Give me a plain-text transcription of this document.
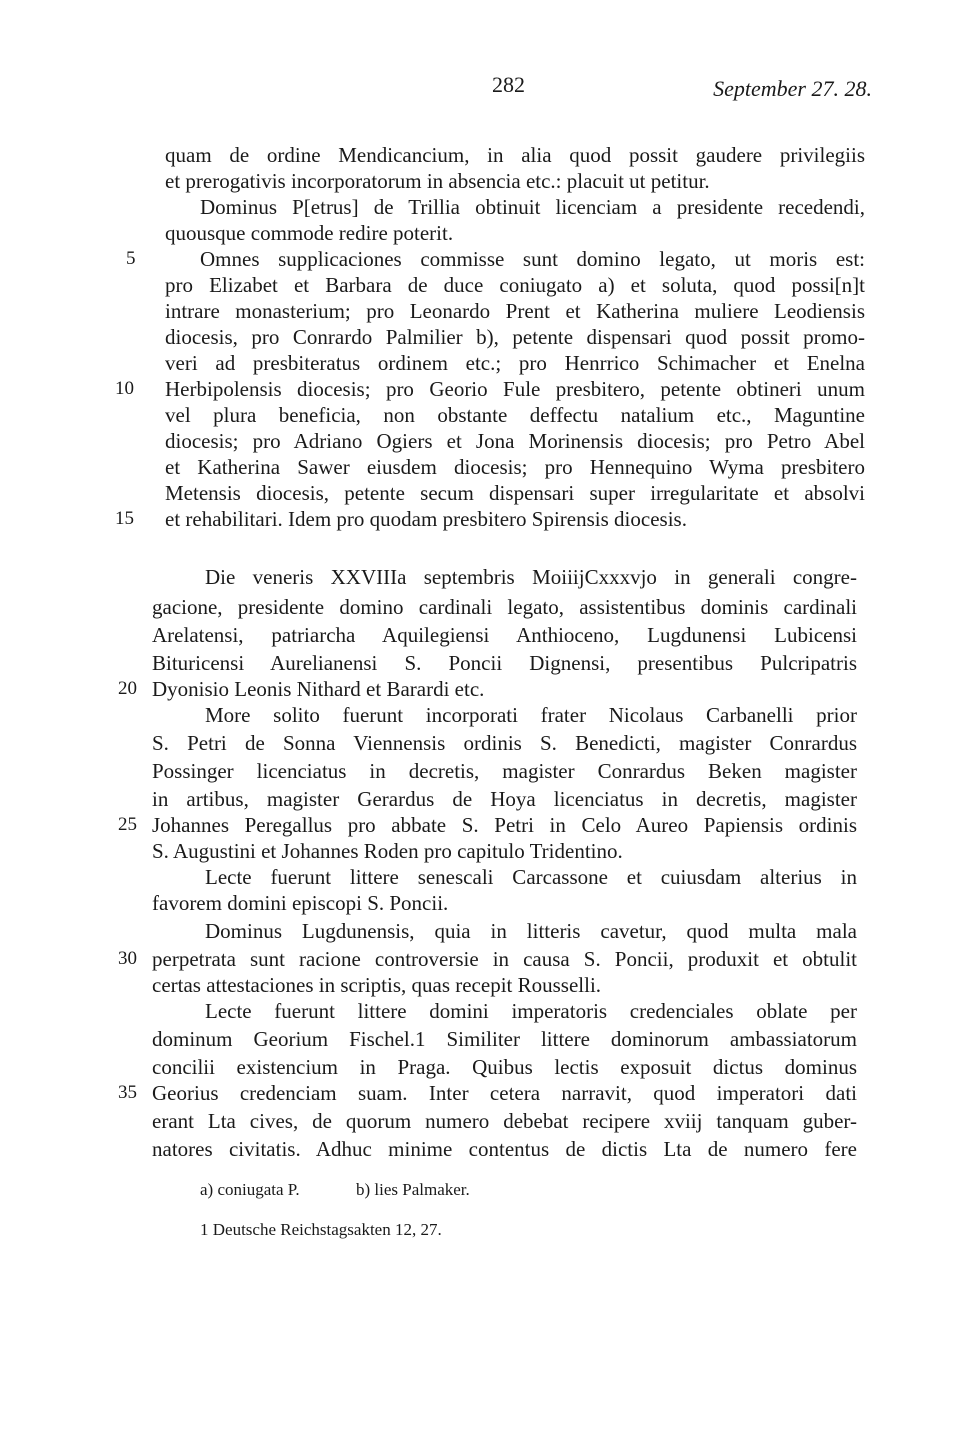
282	September 27. 28.
quam de ordine Mendicancium, in alia quod possit gaudere privilegiis
et prerogativis incorporatorum in absencia etc.: placuit ut petitur.
Dominus P[etrus] de Trillia obtinuit licenciam a presidente recedendi,
quousque commode redire poterit.
5	Omnes supplicaciones commisse sunt domino legato, ut moris est:
pro Elizabet et Barbara de duce coniugato a) et soluta, quod possi[n]t
intrare monasterium; pro Leonardo Prent et Katherina muliere Leodiensis
diocesis, pro Conrardo Palmilier b), petente dispensari quod possit promo-
veri ad presbiteratus ordinem etc.; pro Henrrico Schimacher et Enelna
10	Herbipolensis diocesis; pro Georio Fule presbitero, petente obtineri unum
vel plura beneficia, non obstante deffectu natalium etc., Maguntine
diocesis; pro Adriano Ogiers et Jona Morinensis diocesis; pro Petro Abel
et Katherina Sawer eiusdem diocesis; pro Hennequino Wyma presbitero
Metensis diocesis, petente secum dispensari super irregularitate et absolvi
15	et rehabilitari. Idem pro quodam presbitero Spirensis diocesis.
Die veneris XXVIIIa septembris MoiiijCxxxvjo in generali congre-
gacione, presidente domino cardinali legato, assistentibus dominis cardinali
Arelatensi, patriarcha Aquilegiensi Anthioceno, Lugdunensi Lubicensi
Bituricensi Aurelianensi S. Poncii Dignensi, presentibus Pulcripatris
20 Dyonisio Leonis Nithard et Barardi etc.
More solito fuerunt incorporati frater Nicolaus Carbanelli prior
S. Petri de Sonna Viennensis ordinis S. Benedicti, magister Conrardus
Possinger licenciatus in decretis, magister Conrardus Beken magister
in artibus, magister Gerardus de Hoya licenciatus in decretis, magister
25 Johannes Peregallus pro abbate S. Petri in Celo Aureo Papiensis ordinis
S. Augustini et Johannes Roden pro capitulo Tridentino.
Lecte fuerunt littere senescali Carcassone et cuiusdam alterius in
favorem domini episcopi S. Poncii.
Dominus Lugdunensis, quia in litteris cavetur, quod multa mala
30 perpetrata sunt racione controversie in causa S. Poncii, produxit et obtulit
certas attestaciones in scriptis, quas recepit Rousselli.
Lecte fuerunt littere domini imperatoris credenciales oblate per
dominum Georium Fischel.1 Similiter littere dominorum ambassiatorum
concilii existencium in Praga. Quibus lectis exposuit dictus dominus
35 Georius credenciam suam. Inter cetera narravit, quod imperatori dati
erant Lta cives, de quorum numero debebat recipere xviij tanquam guber-
natores civitatis. Adhuc minime contentus de dictis Lta de numero fere
a) coniugata P.	b) lies Palmaker.
1 Deutsche Reichstagsakten 12, 27.
